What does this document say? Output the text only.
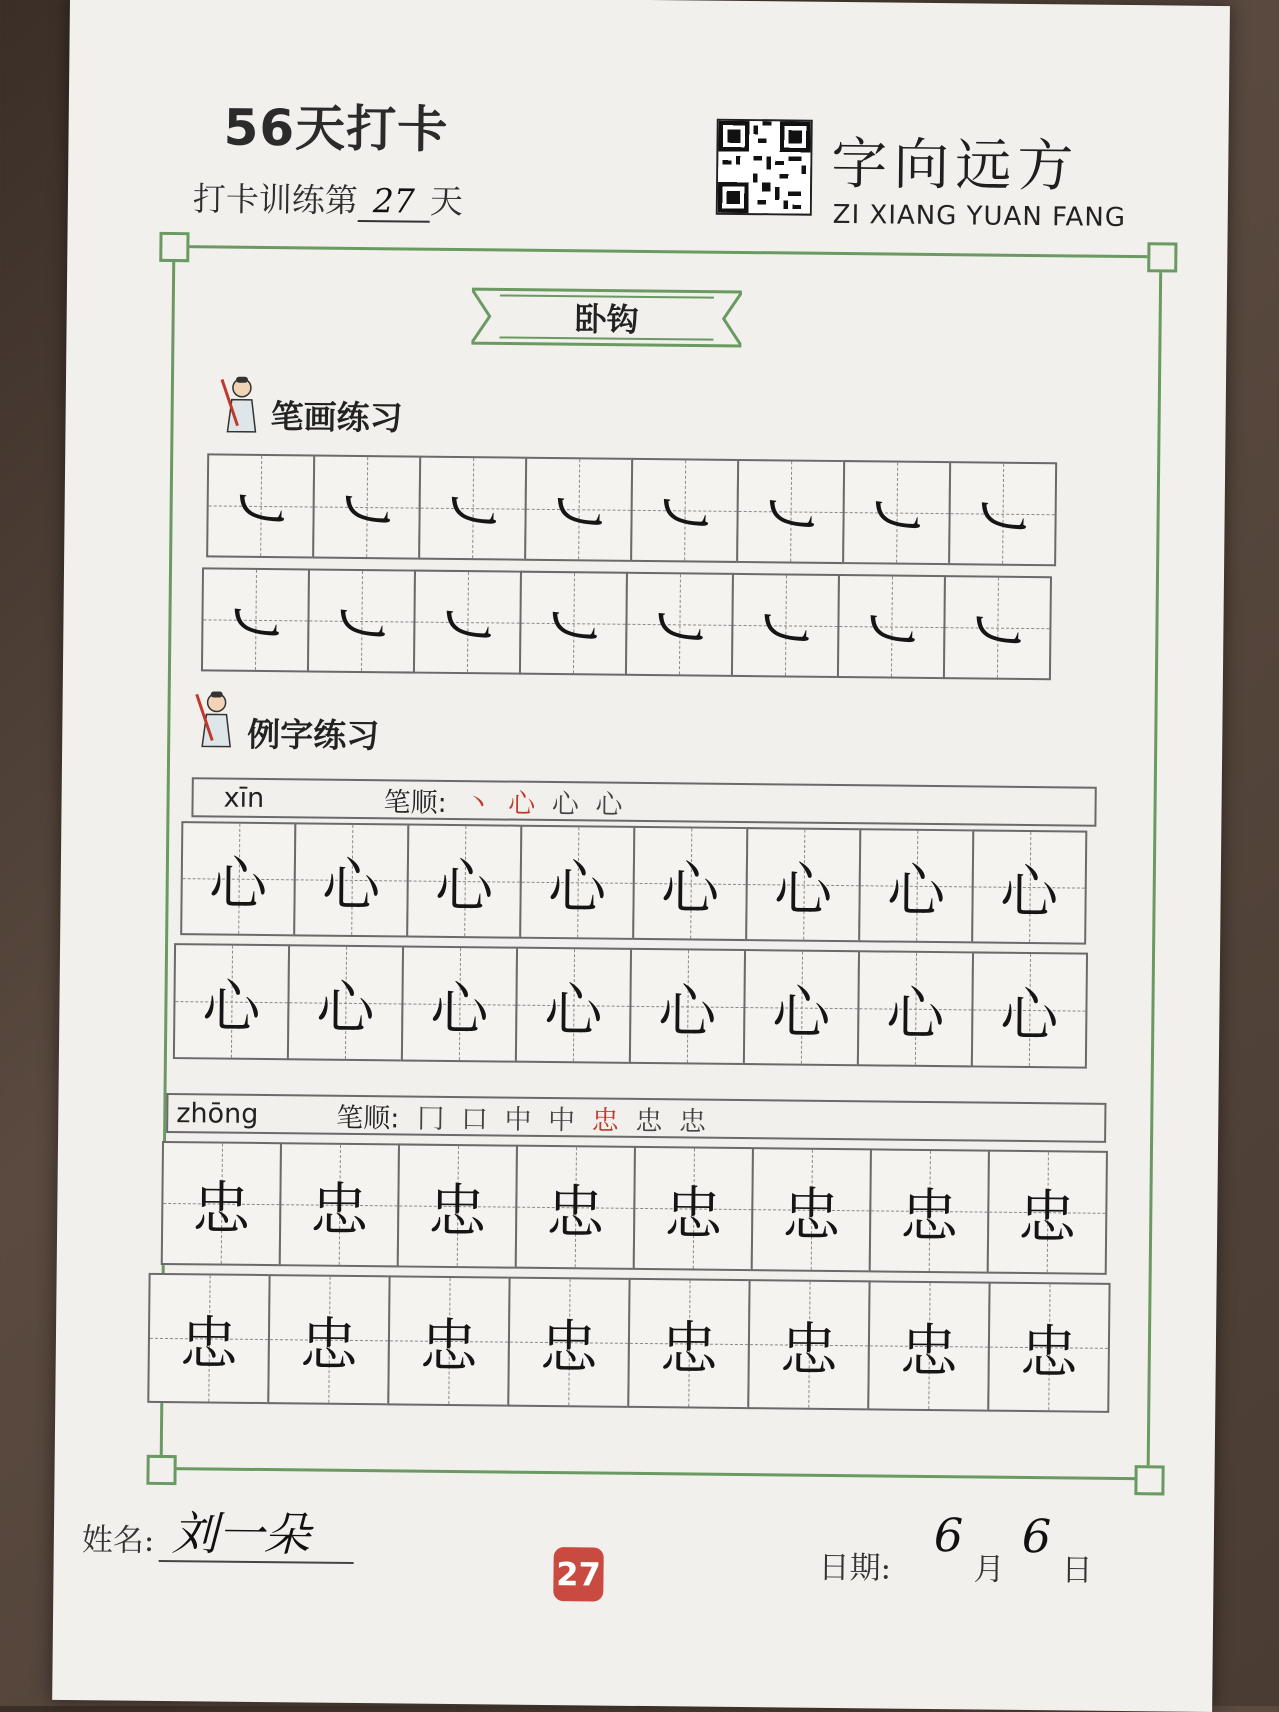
56天打卡
打卡训练第 27 天
字向远方
ZI XIANG YUAN FANG
卧钩
笔画练习
㇃ ㇃ ㇃ ㇃ ㇃ ㇃ ㇃ ㇃
㇃ ㇃ ㇃ ㇃ ㇃ ㇃ ㇃ ㇃
例字练习
xīn	笔顺: 丶 心 心 心
心 心 心 心 心 心 心 心
心 心 心 心 心 心 心 心
zhōng	笔顺: 冂 口 中 中 忠 忠 忠
忠	忠	忠	忠	忠	忠	忠	忠
忠	忠	忠	忠	忠	忠	忠	忠
姓名: 刘一朵
27	日期:
6
月
6
日
